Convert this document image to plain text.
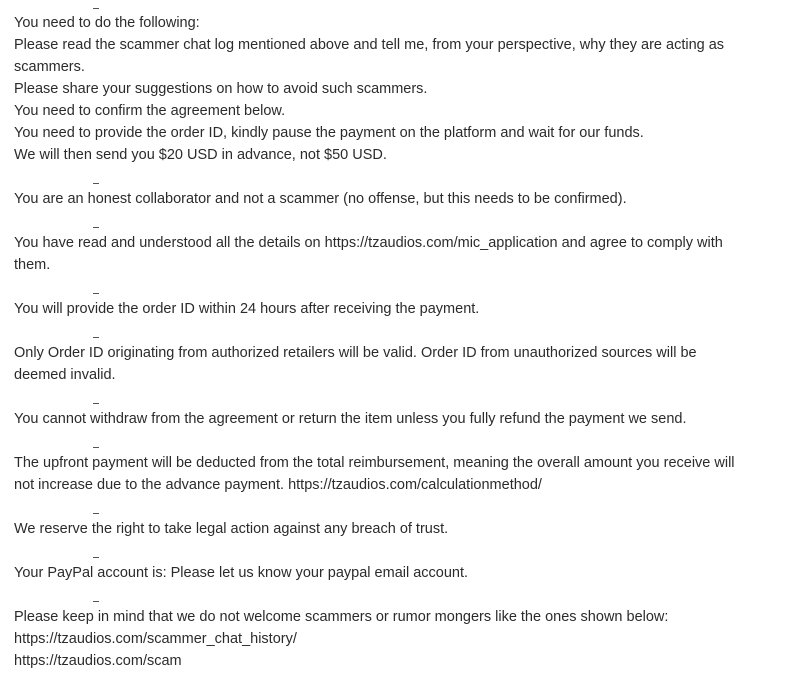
You need to do the following:
Please read the scammer chat log mentioned above and tell me, from your perspective, why they are acting as
scammers.
Please share your suggestions on how to avoid such scammers.
You need to confirm the agreement below.
You need to provide the order ID, kindly pause the payment on the platform and wait for our funds.
We will then send you $20 USD in advance, not $50 USD.
You are an honest collaborator and not a scammer (no offense, but this needs to be confirmed).
You have read and understood all the details on https://tzaudios.com/mic_application and agree to comply with
them.
You will provide the order ID within 24 hours after receiving the payment.
Only Order ID originating from authorized retailers will be valid. Order ID from unauthorized sources will be
deemed invalid.
You cannot withdraw from the agreement or return the item unless you fully refund the payment we send.
The upfront payment will be deducted from the total reimbursement, meaning the overall amount you receive will
not increase due to the advance payment. https://tzaudios.com/calculationmethod/
We reserve the right to take legal action against any breach of trust.
Your PayPal account is: Please let us know your paypal email account.
Please keep in mind that we do not welcome scammers or rumor mongers like the ones shown below:
https://tzaudios.com/scammer_chat_history/
https://tzaudios.com/scam
